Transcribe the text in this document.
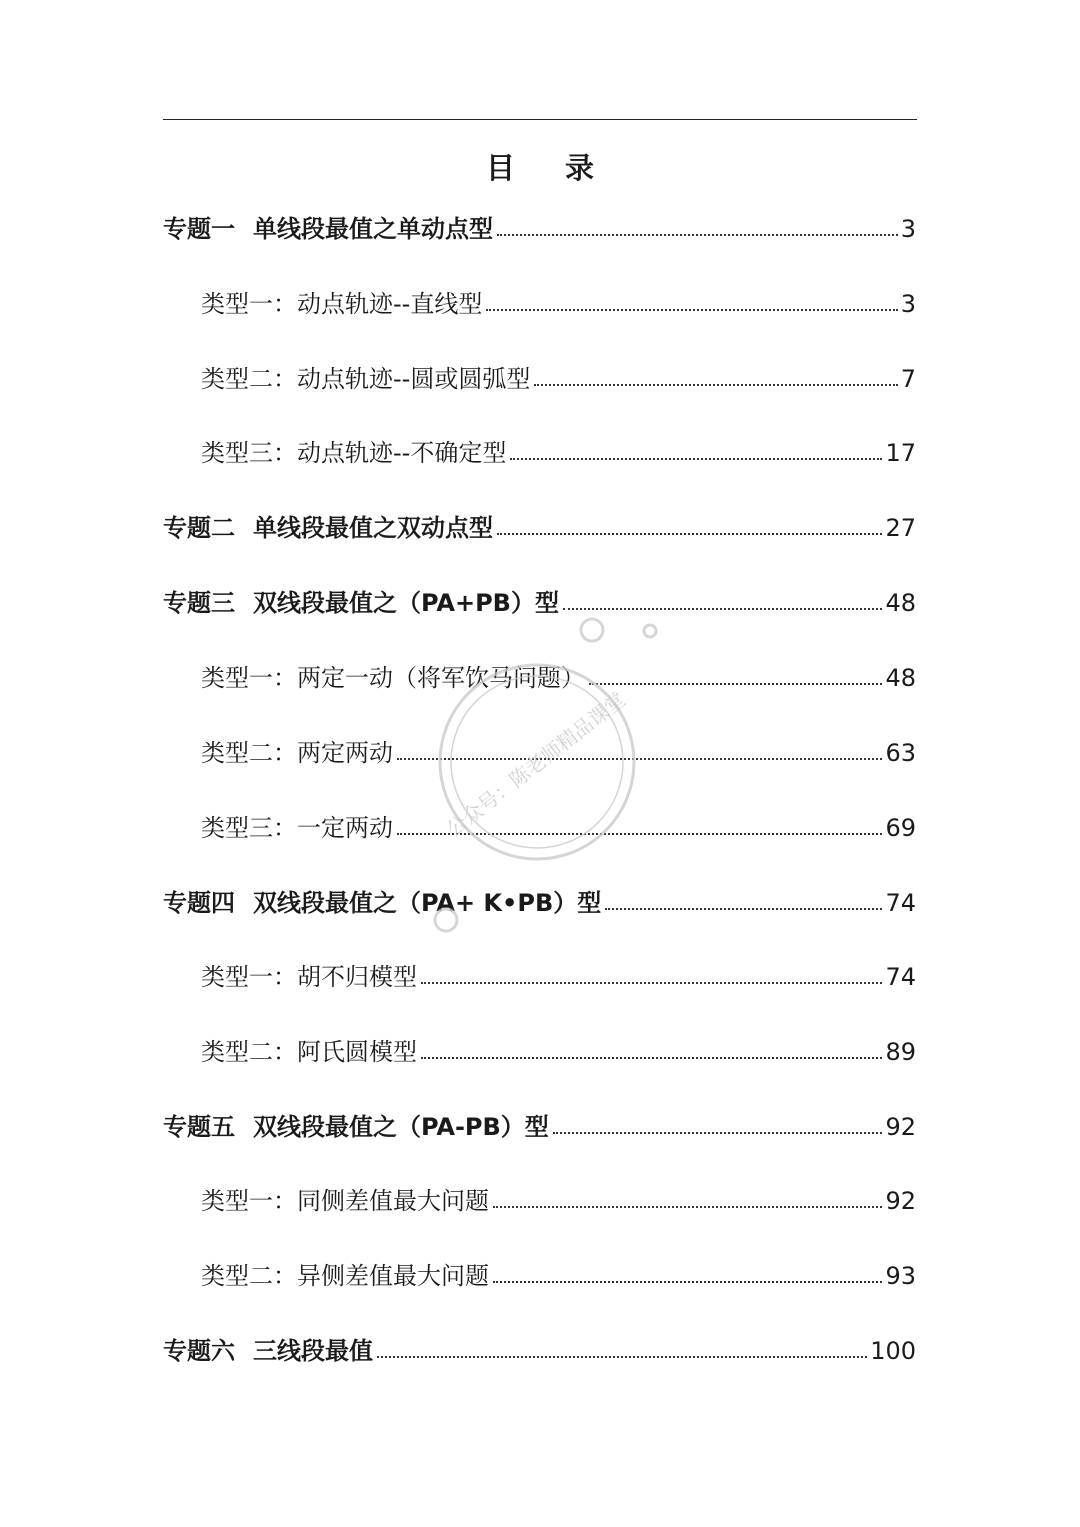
目 录
专题一 单线段最值之单动点型	3
类型一：动点轨迹--直线型	3
类型二：动点轨迹--圆或圆弧型	7
类型三：动点轨迹--不确定型	17
专题二 单线段最值之双动点型	27
专题三 双线段最值之（PA+PB）型	48
类型一：两定一动（将军饮马问题）	48
类型二：两定两动	63
类型三：一定两动	69
专题四 双线段最值之（PA+ K•PB）型	74
类型一：胡不归模型	74
类型二：阿氏圆模型	89
专题五 双线段最值之（PA-PB）型	92
类型一：同侧差值最大问题	92
类型二：异侧差值最大问题	93
专题六 三线段最值	100
公众号：陈老师精品课堂
